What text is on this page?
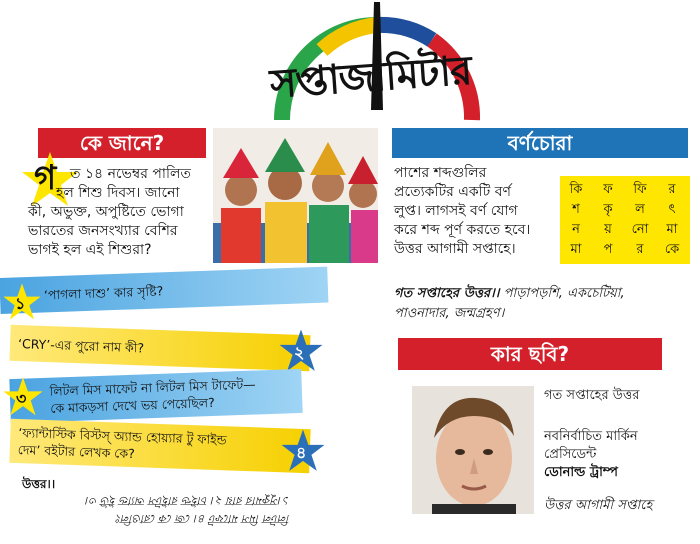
সপ্তাজামিটার
কে জানে?
গ ত ১৪ নভেম্বর পালিত
হল শিশু দিবস। জানো
কী, অভুক্ত, অপুষ্টিতে ভোগা
ভারতের জনসংখ্যার বেশির
ভাগই হল এই শিশুরা?
‘পাগলা দাশু’ কার সৃষ্টি?
১
‘CRY’-এর পুরো নাম কী?	২
লিটল মিস মাফেট না লিটল মিস টাফেট—
কে মাকড়সা দেখে ভয় পেয়েছিল?
৩
‘ফ্যান্টাস্টিক বিস্টস্ অ্যান্ড হোয়্যার টু ফাইন্ড
দেম’ বইটার লেখক কে?	৪
উত্তর।।
লিটল মিস মাফেট ৪। জে কে রোওলিং
১।সুকুমার রায় ২। চাইল্ড রাইটস অ্যান্ড ইউ ৩।
বর্ণচোরা
পাশের শব্দগুলির
প্রত্যেকটির একটি বর্ণ
লুপ্ত। লাগসই বর্ণ যোগ
করে শব্দ পূর্ণ করতে হবে।
উত্তর আগামী সপ্তাহে।
কি	ফ	ফি	র
শ	কৃ	ল	ৎ
ন	য়	নো	মা
মা	প	র	কে
গত সপ্তাহের উত্তর।। পাড়াপড়শি, একচেটিয়া,
পাওনাদার, জন্মগ্রহণ।
কার ছবি?
গত সপ্তাহের উত্তর
নবনির্বাচিত মার্কিন
প্রেসিডেন্ট
ডোনাল্ড ট্রাম্প
উত্তর আগামী সপ্তাহে
